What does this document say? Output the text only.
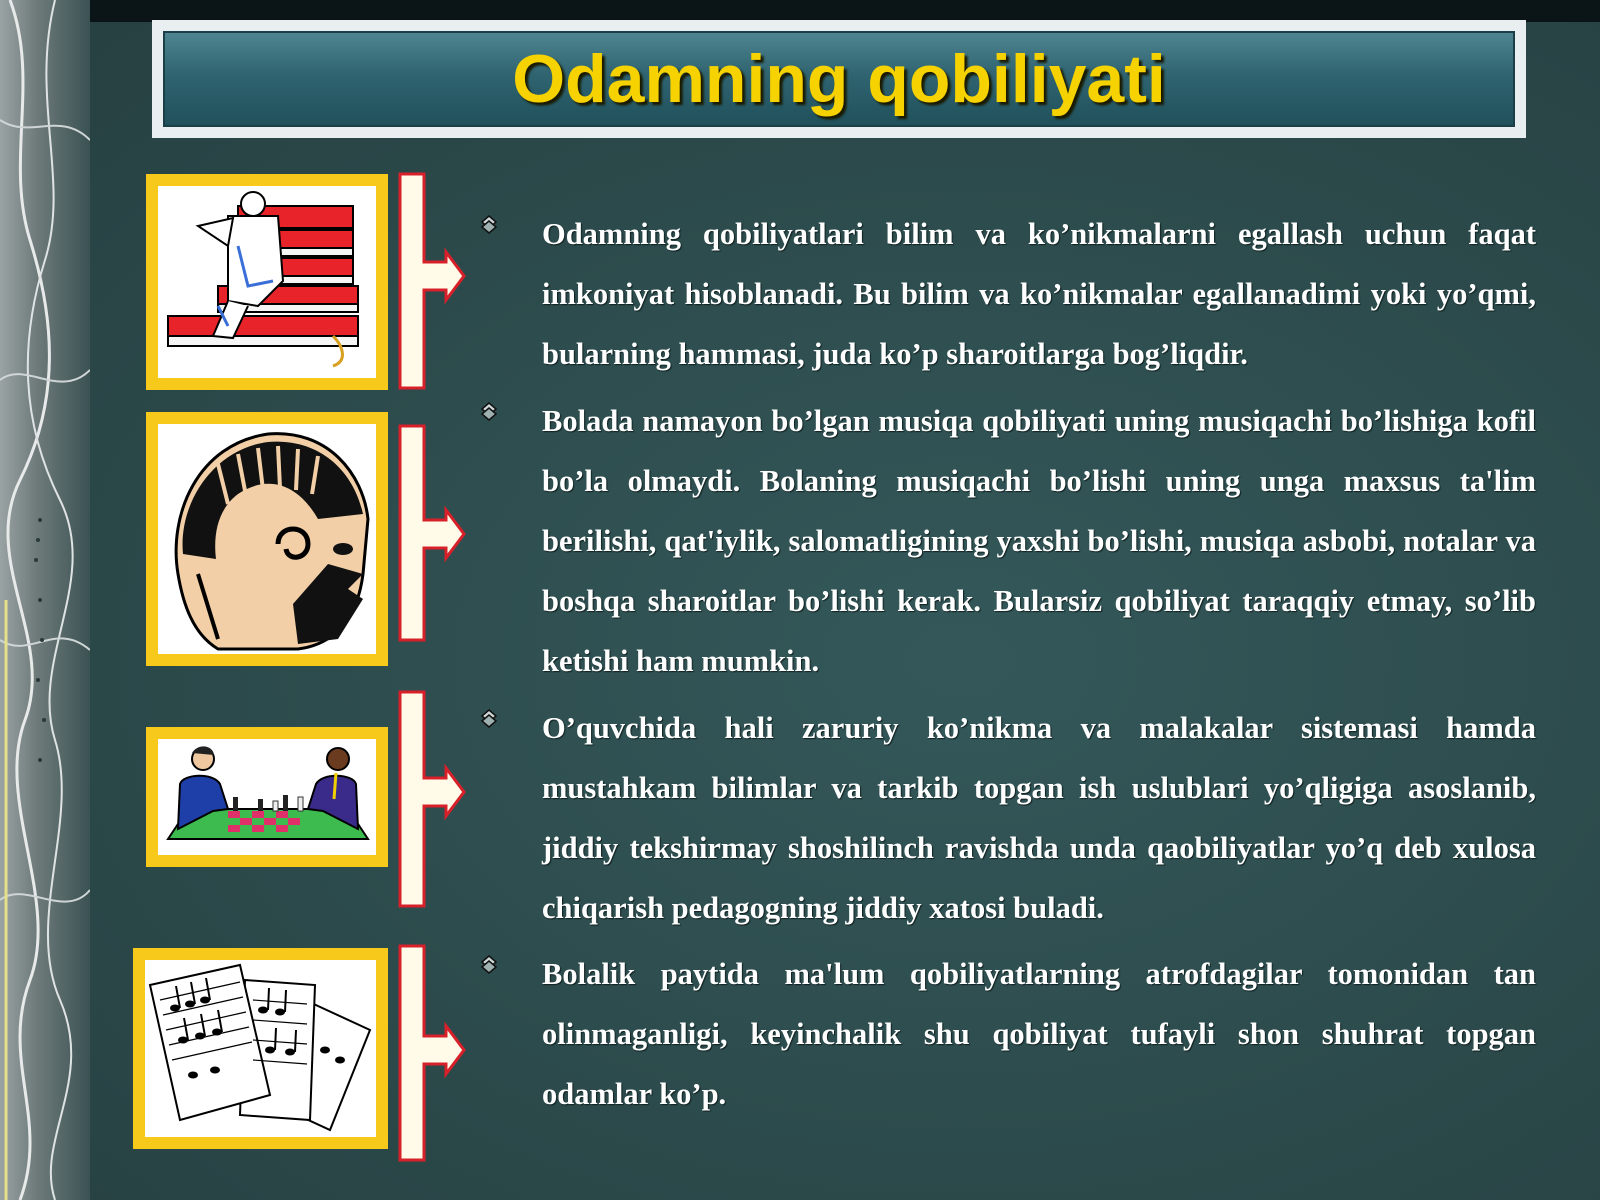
Odamning qobiliyati
Odamning qobiliyatlari bilim va ko’nikmalarni egallash uchun faqat imkoniyat hisoblanadi. Bu bilim va ko’nikmalar egallanadimi yoki yo’qmi, bularning hammasi, juda ko’p sharoitlarga bog’liqdir.
Bolada namayon bo’lgan musiqa qobiliyati uning musiqachi bo’lishiga kofil bo’la olmaydi. Bolaning musiqachi bo’lishi uning unga maxsus ta'lim berilishi, qat'iylik, salomatligining yaxshi bo’lishi, musiqa asbobi, notalar va boshqa sharoitlar bo’lishi kerak. Bularsiz qobiliyat taraqqiy etmay, so’lib ketishi ham mumkin.
O’quvchida hali zaruriy ko’nikma va malakalar sistemasi hamda mustahkam bilimlar va tarkib topgan ish uslublari yo’qligiga asoslanib, jiddiy tekshirmay shoshilinch ravishda unda qaobiliyatlar yo’q deb xulosa chiqarish pedagogning jiddiy xatosi buladi.
Bolalik paytida ma'lum qobiliyatlarning atrofdagilar tomonidan tan olinmaganligi, keyinchalik shu qobiliyat tufayli shon shuhrat topgan odamlar ko’p.
